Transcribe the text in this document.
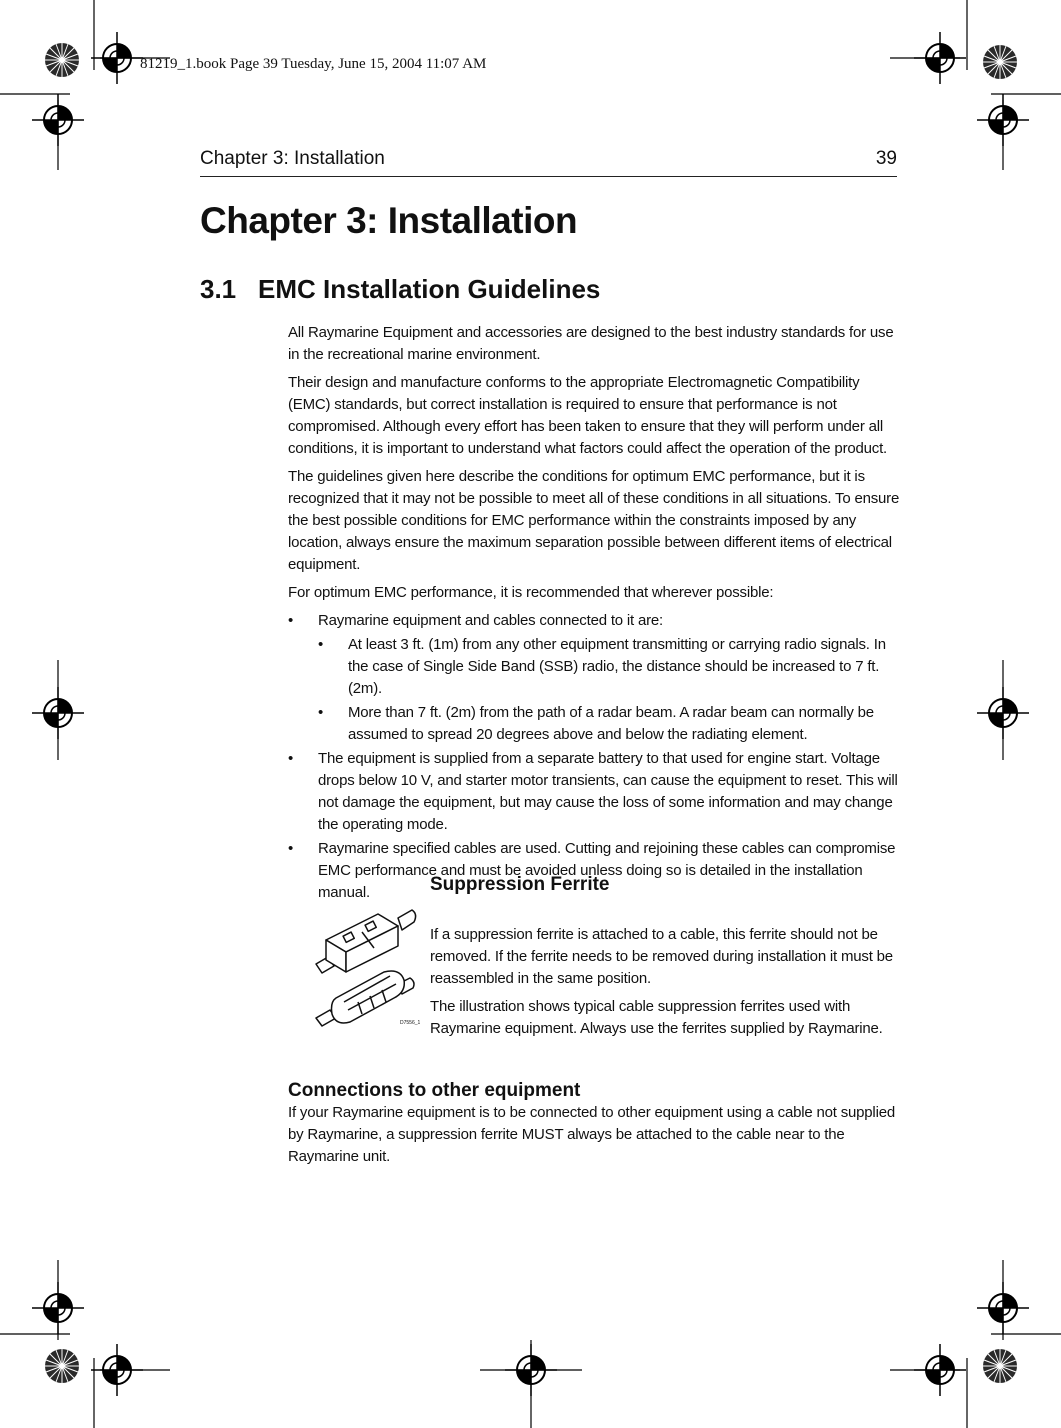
81219_1.book Page 39 Tuesday, June 15, 2004 11:07 AM
Chapter 3: Installation	39
Chapter 3: Installation
3.1 EMC Installation Guidelines

All Raymarine Equipment and accessories are designed to the best industry standards for use in the recreational marine environment.

Their design and manufacture conforms to the appropriate Electromagnetic Compatibility (EMC) standards, but correct installation is required to ensure that performance is not compromised. Although every effort has been taken to ensure that they will perform under all conditions, it is important to understand what factors could affect the operation of the product.

The guidelines given here describe the conditions for optimum EMC performance, but it is recognized that it may not be possible to meet all of these conditions in all situations. To ensure the best possible conditions for EMC performance within the constraints imposed by any location, always ensure the maximum separation possible between different items of electrical equipment.

For optimum EMC performance, it is recommended that wherever possible:

•	Raymarine equipment and cables connected to it are:
•	At least 3 ft. (1m) from any other equipment transmitting or carrying radio signals. In the case of Single Side Band (SSB) radio, the distance should be increased to 7 ft. (2m).
•	More than 7 ft. (2m) from the path of a radar beam. A radar beam can normally be assumed to spread 20 degrees above and below the radiating element.
•	The equipment is supplied from a separate battery to that used for engine start. Voltage drops below 10 V, and starter motor transients, can cause the equipment to reset. This will not damage the equipment, but may cause the loss of some information and may change the operating mode.
•	Raymarine specified cables are used. Cutting and rejoining these cables can compromise EMC performance and must be avoided unless doing so is detailed in the installation manual.	Suppression Ferrite
D7556_1

If a suppression ferrite is attached to a cable, this ferrite should not be removed. If the ferrite needs to be removed during installation it must be reassembled in the same position.

The illustration shows typical cable suppression ferrites used with Raymarine equipment. Always use the ferrites supplied by Raymarine.

Connections to other equipment

If your Raymarine equipment is to be connected to other equipment using a cable not supplied by Raymarine, a suppression ferrite MUST always be attached to the cable near to the Raymarine unit.
